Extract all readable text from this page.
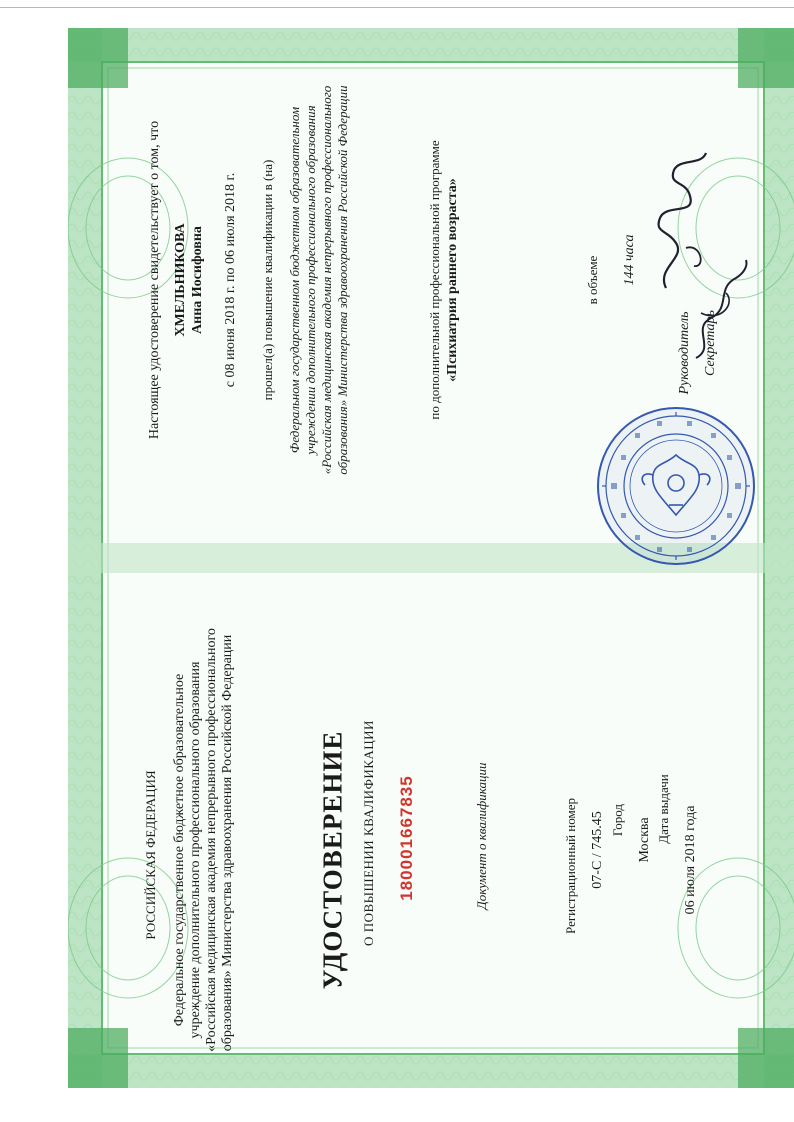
РОССИЙСКАЯ ФЕДЕРАЦИЯ Федеральное государственное бюджетное образовательное учреждение дополнительного профессионального образования «Российская медицинская академия непрерывного профессионального образования» Министерства здравоохранения Российской Федерации	УДОСТОВЕРЕНИЕ О ПОВЫШЕНИИ КВАЛИФИКАЦИИ 180001667835	Документ о квалификации	Регистрационный номер 07-С / 745.45 Город Москва Дата выдачи 06 июля 2018 года
Настоящее удостоверение свидетельствует о том, что ХМЕЛЬНИКОВА Анна Иосифовна с 08 июня 2018 г. по 06 июля 2018 г. прошел(а) повышение квалификации в (на) Федеральном государственном бюджетном образовательном учреждении дополнительного профессионального образования «Российская медицинская академия непрерывного профессионального образования» Министерства здравоохранения Российской Федерации	по дополнительной профессиональной программе «Психиатрия раннего возраста»	в объеме 144 часа
Руководитель Секретарь
